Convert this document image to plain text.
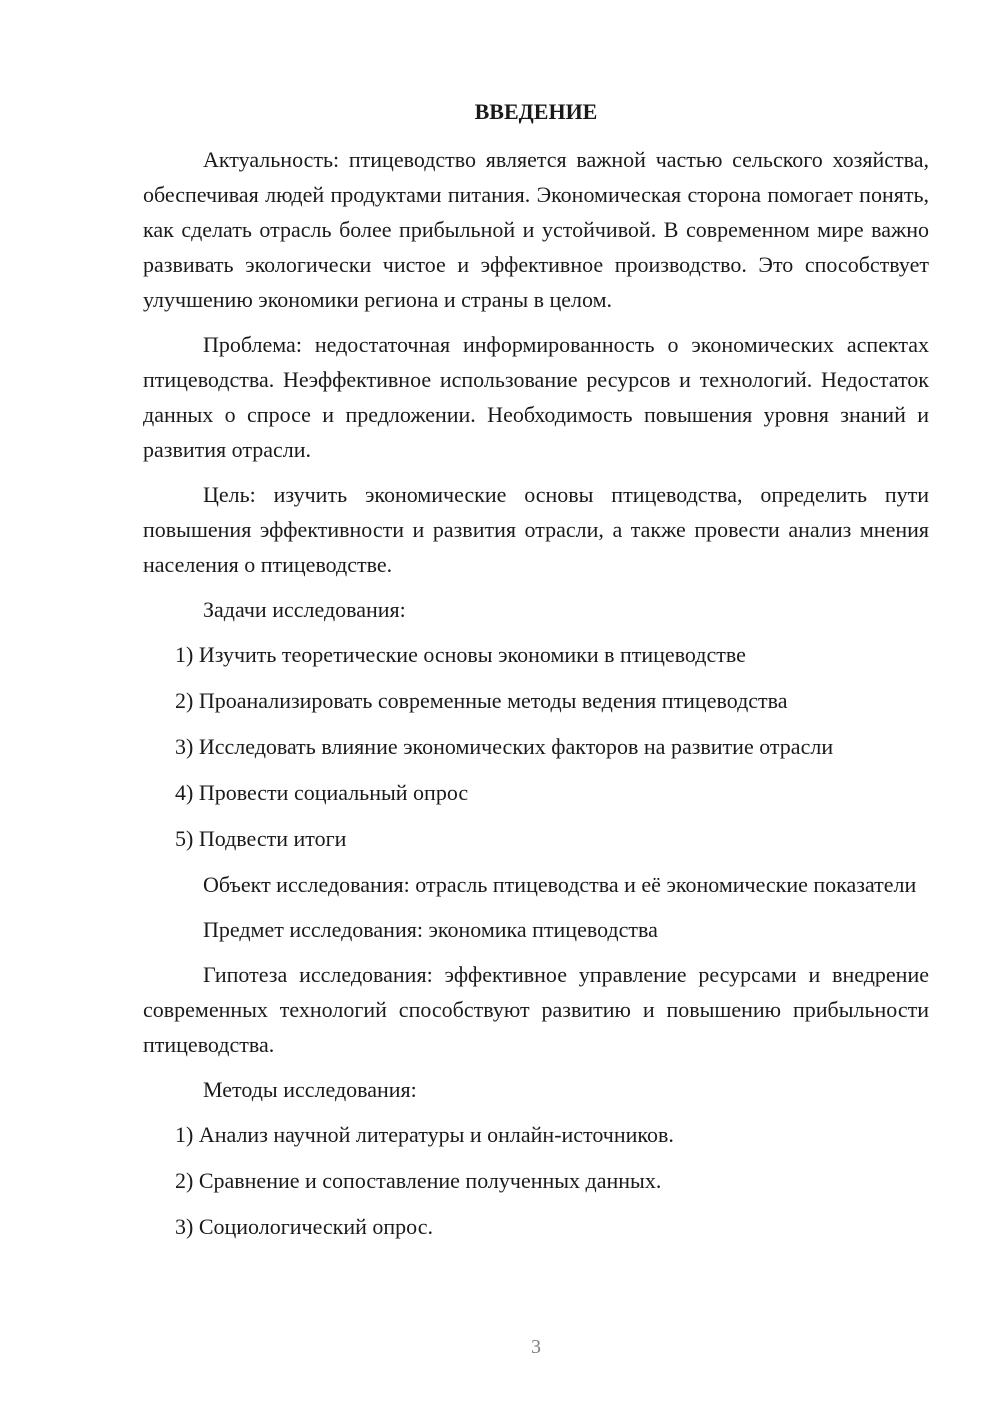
ВВЕДЕНИЕ

Актуальность: птицеводство является важной частью сельского хозяйства, обеспечивая людей продуктами питания. Экономическая сторона помогает понять, как сделать отрасль более прибыльной и устойчивой. В современном мире важно развивать экологически чистое и эффективное производство. Это способствует улучшению экономики региона и страны в целом.

Проблема: недостаточная информированность о экономических аспектах птицеводства. Неэффективное использование ресурсов и технологий. Недостаток данных о спросе и предложении. Необходимость повышения уровня знаний и развития отрасли.

Цель: изучить экономические основы птицеводства, определить пути повышения эффективности и развития отрасли, а также провести анализ мнения населения о птицеводстве.

Задачи исследования:

1) Изучить теоретические основы экономики в птицеводстве
2) Проанализировать современные методы ведения птицеводства
3) Исследовать влияние экономических факторов на развитие отрасли
4) Провести социальный опрос
5) Подвести итоги

Объект исследования: отрасль птицеводства и её экономические показатели

Предмет исследования: экономика птицеводства

Гипотеза исследования: эффективное управление ресурсами и внедрение современных технологий способствуют развитию и повышению прибыльности птицеводства.

Методы исследования:

1) Анализ научной литературы и онлайн-источников.
2) Сравнение и сопоставление полученных данных.
3) Социологический опрос.
3
